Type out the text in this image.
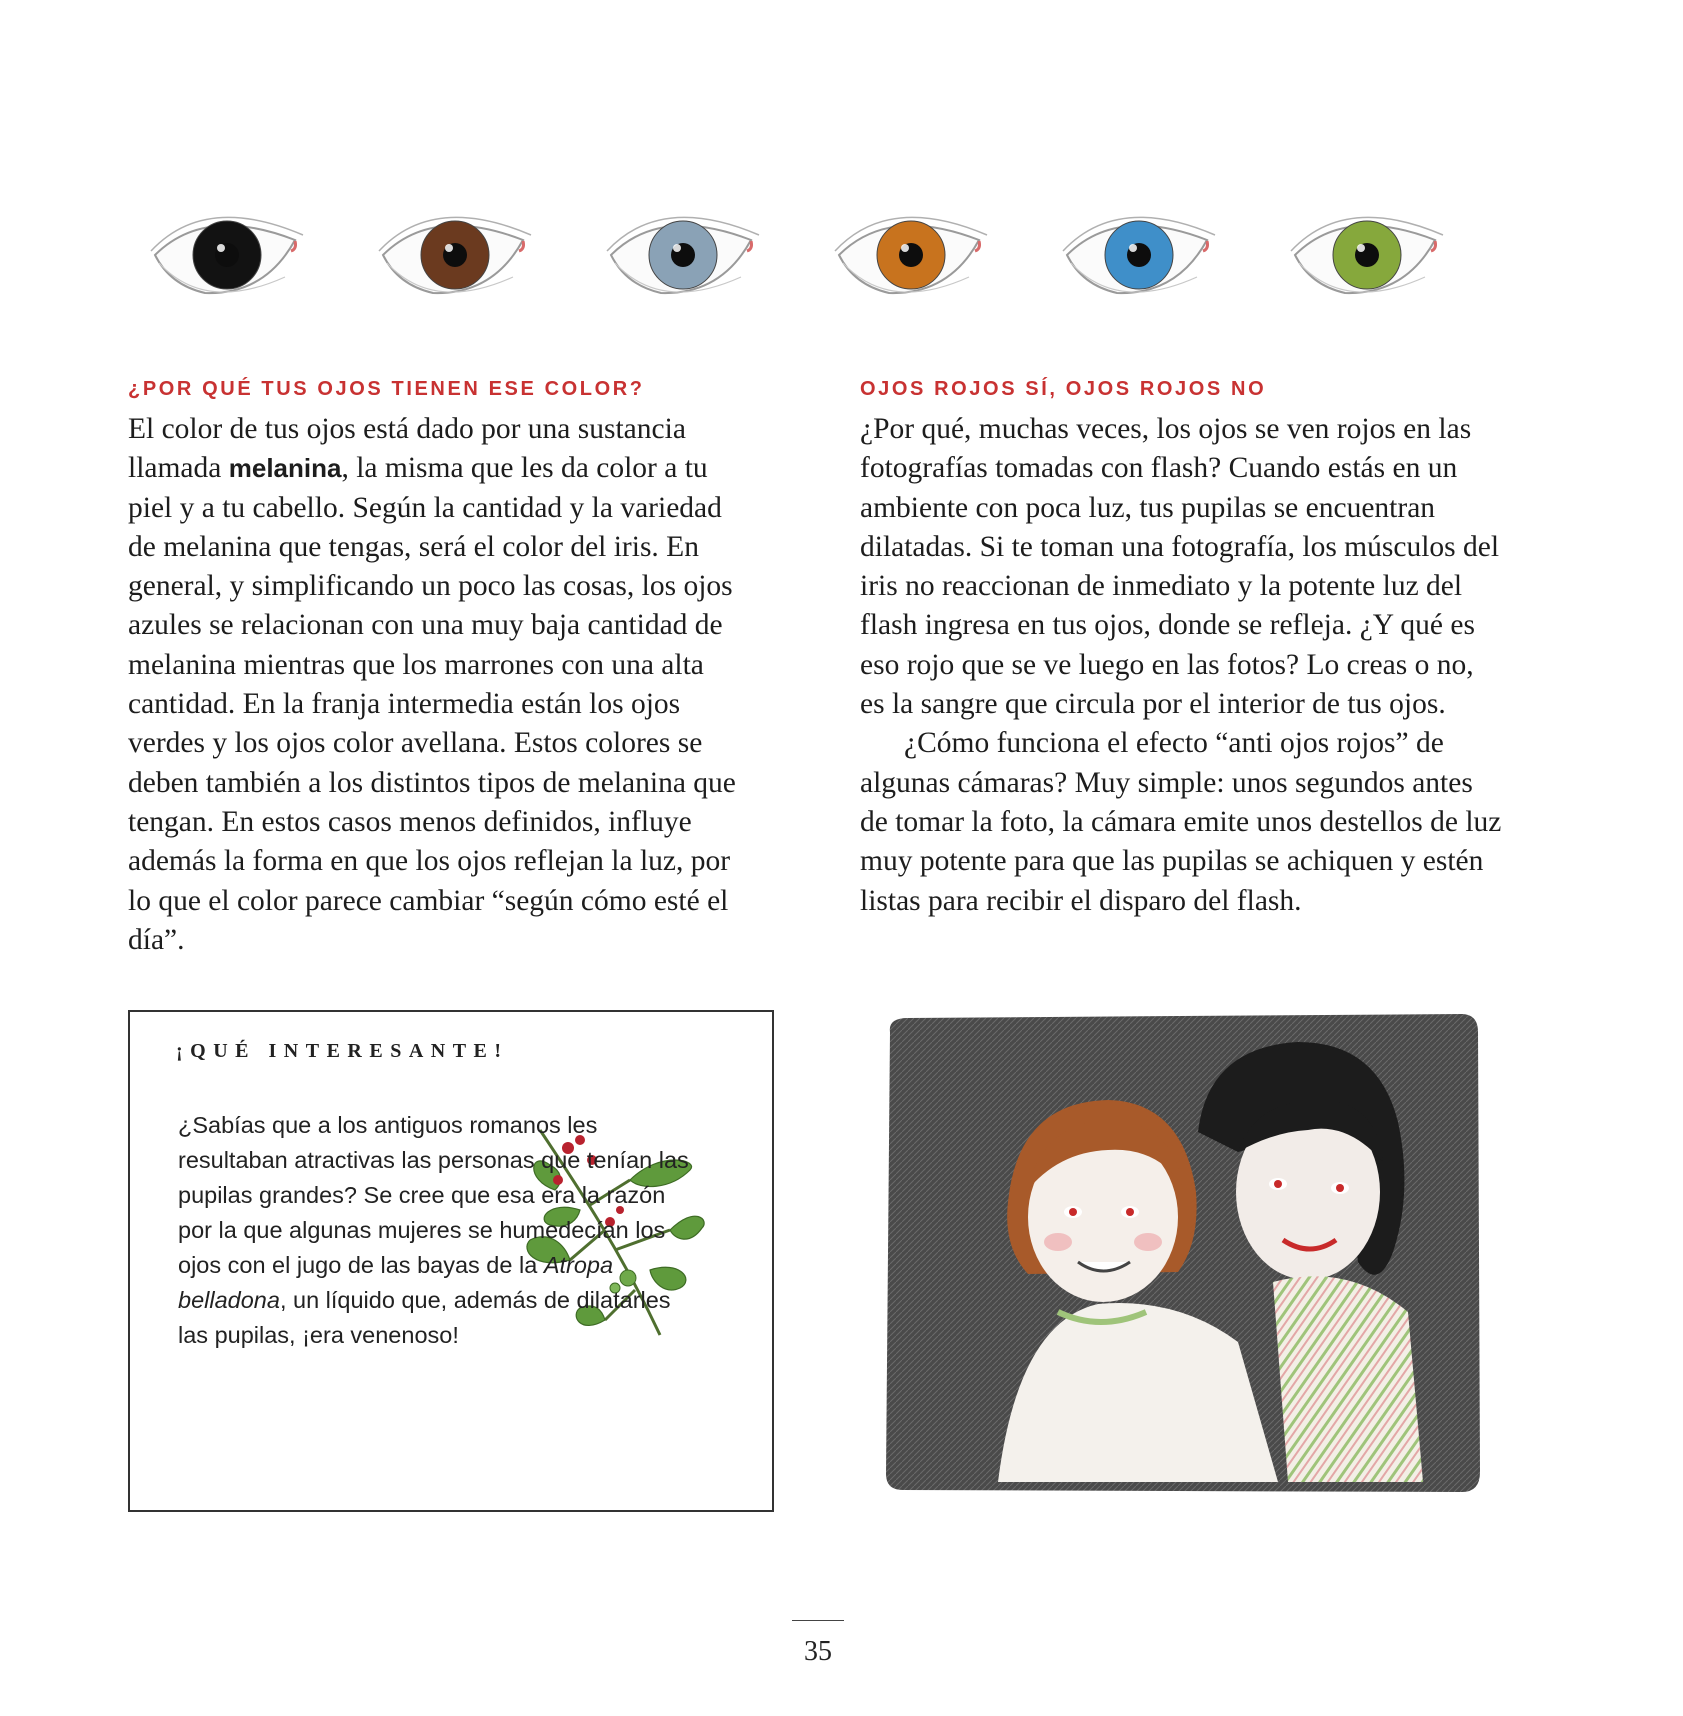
¿POR QUÉ TUS OJOS TIENEN ESE COLOR?

El color de tus ojos está dado por una sustancia llamada melanina, la misma que les da color a tu piel y a tu cabello. Según la cantidad y la variedad de melanina que tengas, será el color del iris. En general, y simplificando un poco las cosas, los ojos azules se relacionan con una muy baja cantidad de melanina mientras que los marrones con una alta cantidad. En la franja intermedia están los ojos verdes y los ojos color avellana. Estos colores se deben también a los distintos tipos de melanina que tengan. En estos casos menos definidos, influye además la forma en que los ojos reflejan la luz, por lo que el color parece cambiar “según cómo esté el día”.

OJOS ROJOS SÍ, OJOS ROJOS NO

¿Por qué, muchas veces, los ojos se ven rojos en las fotografías tomadas con flash? Cuando estás en un ambiente con poca luz, tus pupilas se encuentran dilatadas. Si te toman una fotografía, los músculos del iris no reaccionan de inmediato y la potente luz del flash ingresa en tus ojos, donde se refleja. ¿Y qué es eso rojo que se ve luego en las fotos? Lo creas o no, es la sangre que circula por el interior de tus ojos.

¿Cómo funciona el efecto “anti ojos rojos” de algunas cámaras? Muy simple: unos segundos antes de tomar la foto, la cámara emite unos destellos de luz muy potente para que las pupilas se achiquen y estén listas para recibir el disparo del flash.

¡QUÉ INTERESANTE!
¿Sabías que a los antiguos romanos les resultaban atractivas las personas que tenían las pupilas grandes? Se cree que esa era la razón por la que algunas mujeres se humedecían los ojos con el jugo de las bayas de la Atropa belladona, un líquido que, además de dilatarles las pupilas, ¡era venenoso!
35
